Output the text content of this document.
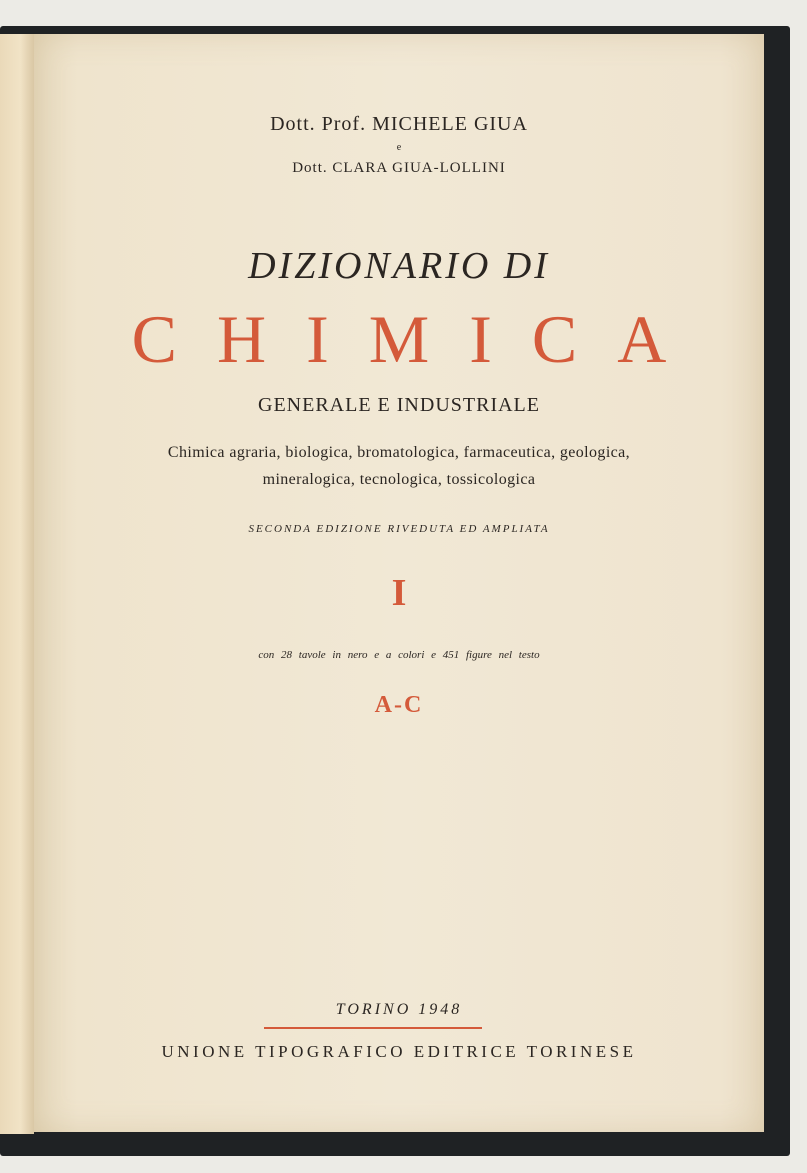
Dott. Prof. MICHELE GIUA
e
Dott. CLARA GIUA-LOLLINI
DIZIONARIO DI
CHIMICA
GENERALE E INDUSTRIALE
Chimica agraria, biologica, bromatologica, farmaceutica, geologica,
mineralogica, tecnologica, tossicologica
SECONDA EDIZIONE RIVEDUTA ED AMPLIATA
I
con 28 tavole in nero e a colori e 451 figure nel testo
A-C
TORINO 1948
UNIONE TIPOGRAFICO EDITRICE TORINESE
